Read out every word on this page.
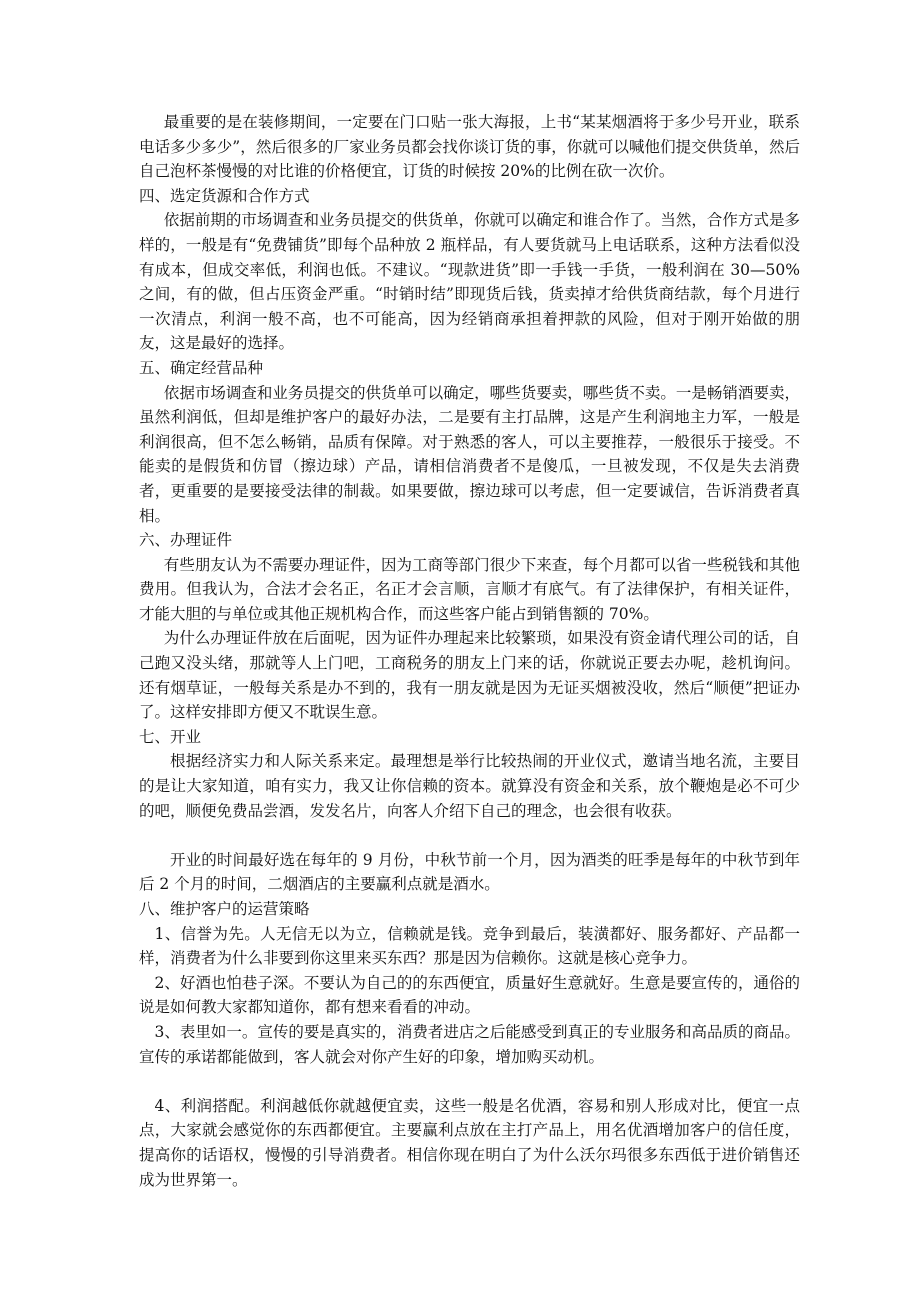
最重要的是在装修期间，一定要在门口贴一张大海报，上书“某某烟酒将于多少号开业，联系电话多少多少”，然后很多的厂家业务员都会找你谈订货的事，你就可以喊他们提交供货单，然后自己泡杯茶慢慢的对比谁的价格便宜，订货的时候按 20%的比例在砍一次价。

四、选定货源和合作方式

依据前期的市场调查和业务员提交的供货单，你就可以确定和谁合作了。当然，合作方式是多样的，一般是有“免费铺货”即每个品种放 2 瓶样品，有人要货就马上电话联系，这种方法看似没有成本，但成交率低，利润也低。不建议。“现款进货”即一手钱一手货，一般利润在 30—50%之间，有的做，但占压资金严重。“时销时结”即现货后钱，货卖掉才给供货商结款，每个月进行一次清点，利润一般不高，也不可能高，因为经销商承担着押款的风险，但对于刚开始做的朋友，这是最好的选择。

五、确定经营品种

依据市场调查和业务员提交的供货单可以确定，哪些货要卖，哪些货不卖。一是畅销酒要卖，虽然利润低，但却是维护客户的最好办法，二是要有主打品牌，这是产生利润地主力军，一般是利润很高，但不怎么畅销，品质有保障。对于熟悉的客人，可以主要推荐，一般很乐于接受。不能卖的是假货和仿冒（擦边球）产品，请相信消费者不是傻瓜，一旦被发现，不仅是失去消费者，更重要的是要接受法律的制裁。如果要做，擦边球可以考虑，但一定要诚信，告诉消费者真相。

六、办理证件

有些朋友认为不需要办理证件，因为工商等部门很少下来查，每个月都可以省一些税钱和其他费用。但我认为，合法才会名正，名正才会言顺，言顺才有底气。有了法律保护，有相关证件，才能大胆的与单位或其他正规机构合作，而这些客户能占到销售额的 70%。

为什么办理证件放在后面呢，因为证件办理起来比较繁琐，如果没有资金请代理公司的话，自己跑又没头绪，那就等人上门吧，工商税务的朋友上门来的话，你就说正要去办呢，趁机询问。还有烟草证，一般每关系是办不到的，我有一朋友就是因为无证买烟被没收，然后“顺便”把证办了。这样安排即方便又不耽误生意。

七、开业

根据经济实力和人际关系来定。最理想是举行比较热闹的开业仪式，邀请当地名流，主要目的是让大家知道，咱有实力，我又让你信赖的资本。就算没有资金和关系，放个鞭炮是必不可少的吧，顺便免费品尝酒，发发名片，向客人介绍下自己的理念，也会很有收获。

开业的时间最好选在每年的 9 月份，中秋节前一个月，因为酒类的旺季是每年的中秋节到年后 2 个月的时间，二烟酒店的主要赢利点就是酒水。

八、维护客户的运营策略

1、信誉为先。人无信无以为立，信赖就是钱。竞争到最后，装潢都好、服务都好、产品都一样，消费者为什么非要到你这里来买东西？那是因为信赖你。这就是核心竞争力。

2、好酒也怕巷子深。不要认为自己的的东西便宜，质量好生意就好。生意是要宣传的，通俗的说是如何教大家都知道你，都有想来看看的冲动。

3、表里如一。宣传的要是真实的，消费者进店之后能感受到真正的专业服务和高品质的商品。宣传的承诺都能做到，客人就会对你产生好的印象，增加购买动机。

4、利润搭配。利润越低你就越便宜卖，这些一般是名优酒，容易和别人形成对比，便宜一点点，大家就会感觉你的东西都便宜。主要赢利点放在主打产品上，用名优酒增加客户的信任度，提高你的话语权，慢慢的引导消费者。相信你现在明白了为什么沃尔玛很多东西低于进价销售还成为世界第一。
